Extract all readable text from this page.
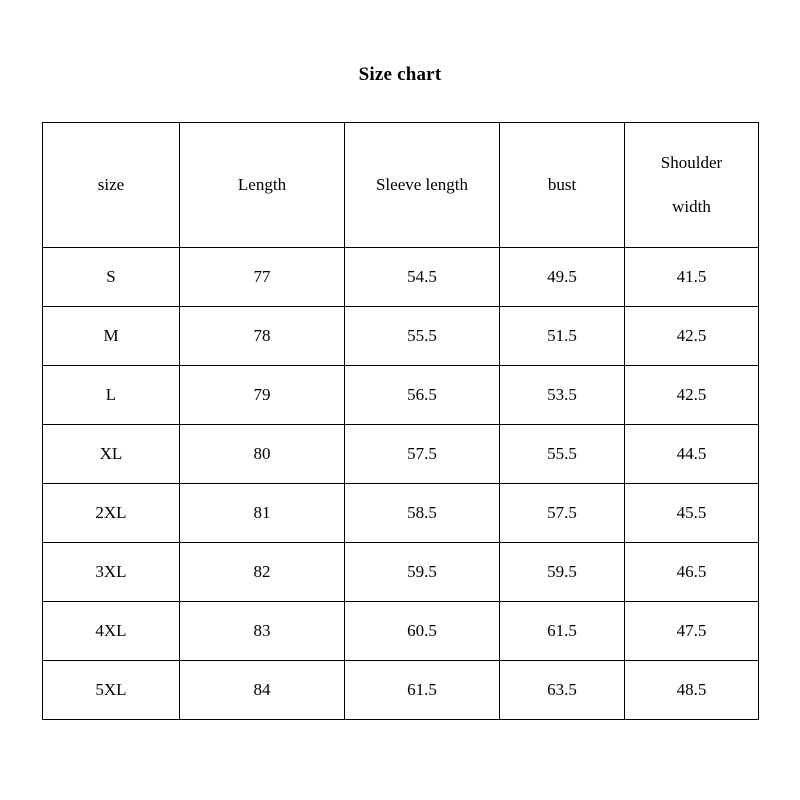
Size chart
size	Length	Sleeve length	bust	Shoulder
width

S	77	54.5	49.5	41.5
M	78	55.5	51.5	42.5
L	79	56.5	53.5	42.5
XL	80	57.5	55.5	44.5
2XL	81	58.5	57.5	45.5
3XL	82	59.5	59.5	46.5
4XL	83	60.5	61.5	47.5
5XL	84	61.5	63.5	48.5
